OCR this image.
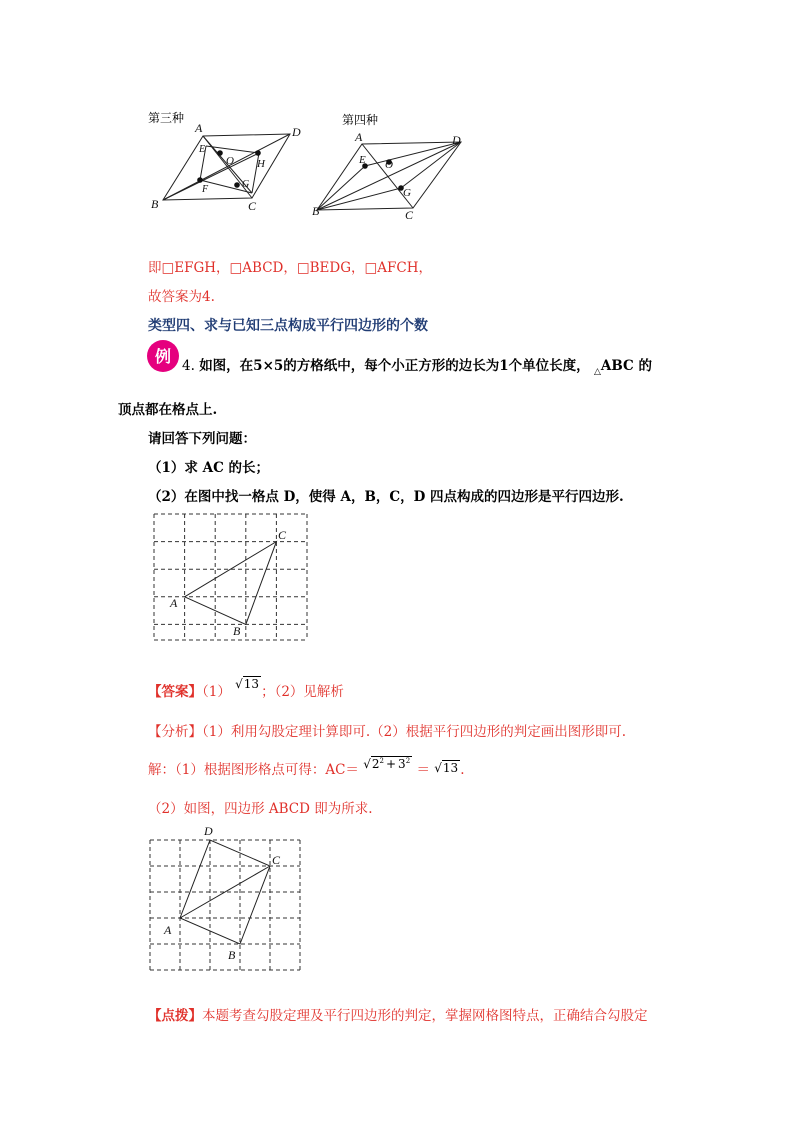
第三种	第四种
A	D
B	C
E
F
O H
G
A	D
B	C
E O
G
即□EFGH，□ABCD，□BEDG，□AFCH，
故答案为4.
类型四、求与已知三点构成平行四边形的个数
例 4. 如图，在5×5的方格纸中，每个小正方形的边长为1个单位长度， $_\triangle$ABC 的
顶点都在格点上.
请回答下列问题：
（1）求 AC 的长；
（2）在图中找一格点 D，使得 A，B，C，D 四点构成的四边形是平行四边形.
C
A
B
【答案】（1） √13 ；（2）见解析
【分析】（1）利用勾股定理计算即可.（2）根据平行四边形的判定画出图形即可.
解：（1）根据图形格点可得：$AC= √2^2 + 3^2 = √13$ .
（2）如图，四边形 ABCD 即为所求.
D
C
A
B
【点拨】本题考查勾股定理及平行四边形的判定，掌握网格图特点，正确结合勾股定
